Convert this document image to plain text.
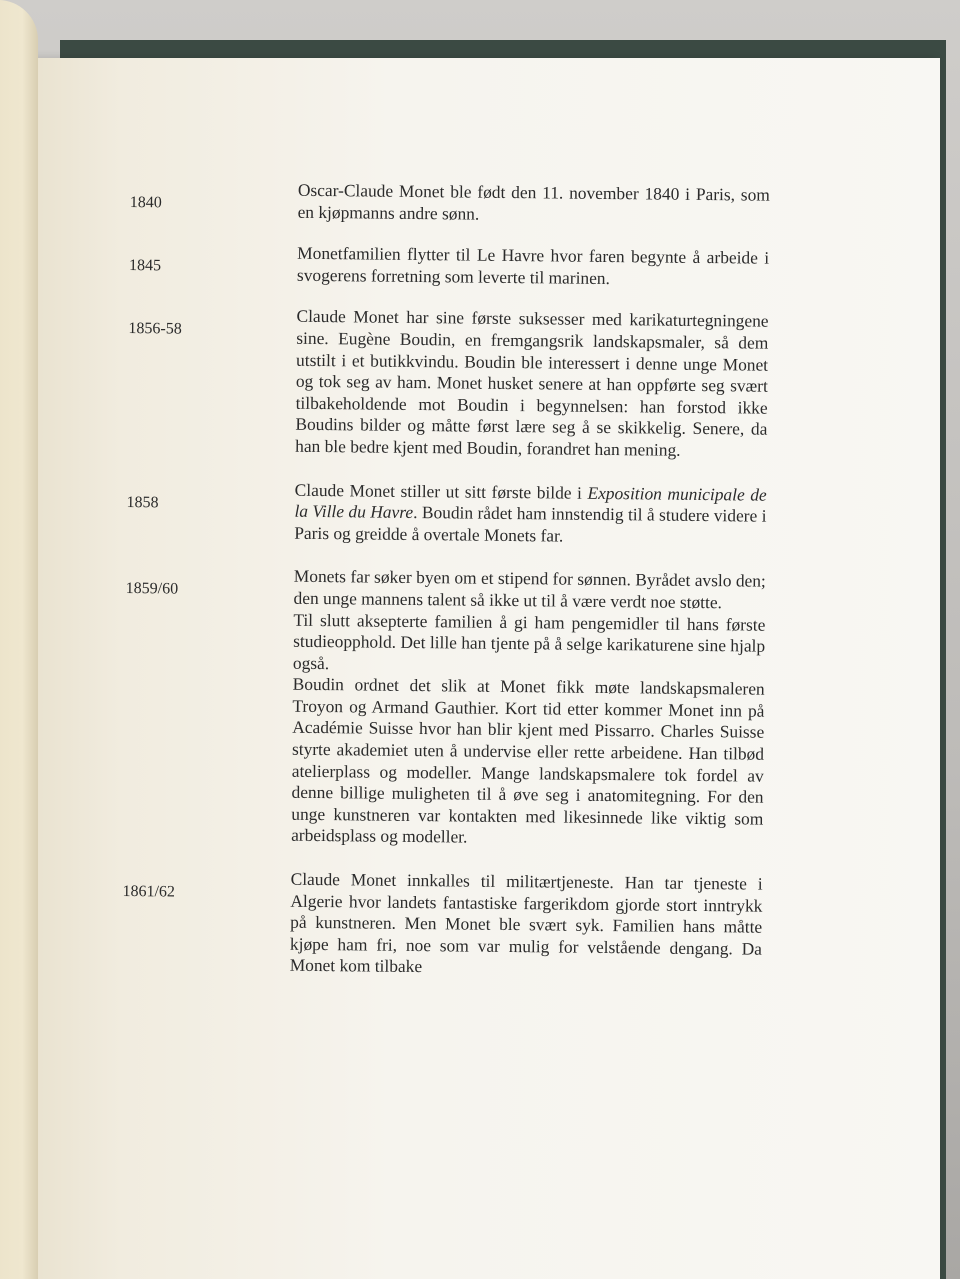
1840	Oscar-Claude Monet ble født den 11. november 1840 i Paris, som en kjøpmanns andre sønn.

1845	Monetfamilien flytter til Le Havre hvor faren begynte å arbeide i svogerens forretning som leverte til marinen.

1856-58	Claude Monet har sine første suksesser med karikaturtegningene sine. Eugène Boudin, en fremgangsrik landskapsmaler, så dem utstilt i et butikkvindu. Boudin ble interessert i denne unge Monet og tok seg av ham. Monet husket senere at han oppførte seg svært tilbakeholdende mot Boudin i begynnelsen: han forstod ikke Boudins bilder og måtte først lære seg å se skikkelig. Senere, da han ble bedre kjent med Boudin, forandret han mening.

1858	Claude Monet stiller ut sitt første bilde i Exposition municipale de la Ville du Havre. Boudin rådet ham innstendig til å studere videre i Paris og greidde å overtale Monets far.

1859/60	Monets far søker byen om et stipend for sønnen. Byrådet avslo den; den unge mannens talent så ikke ut til å være verdt noe støtte.

Til slutt aksepterte familien å gi ham pengemidler til hans første studieopphold. Det lille han tjente på å selge karikaturene sine hjalp også.

Boudin ordnet det slik at Monet fikk møte landskapsmaleren Troyon og Armand Gauthier. Kort tid etter kommer Monet inn på Académie Suisse hvor han blir kjent med Pissarro. Charles Suisse styrte akademiet uten å undervise eller rette arbeidene. Han tilbød atelierplass og modeller. Mange landskapsmalere tok fordel av denne billige muligheten til å øve seg i anatomitegning. For den unge kunstneren var kontakten med likesinnede like viktig som arbeidsplass og modeller.

1861/62	Claude Monet innkalles til militærtjeneste. Han tar tjeneste i Algerie hvor landets fantastiske fargerikdom gjorde stort inntrykk på kunstneren. Men Monet ble svært syk. Familien hans måtte kjøpe ham fri, noe som var mulig for velstående dengang. Da Monet kom tilbake
